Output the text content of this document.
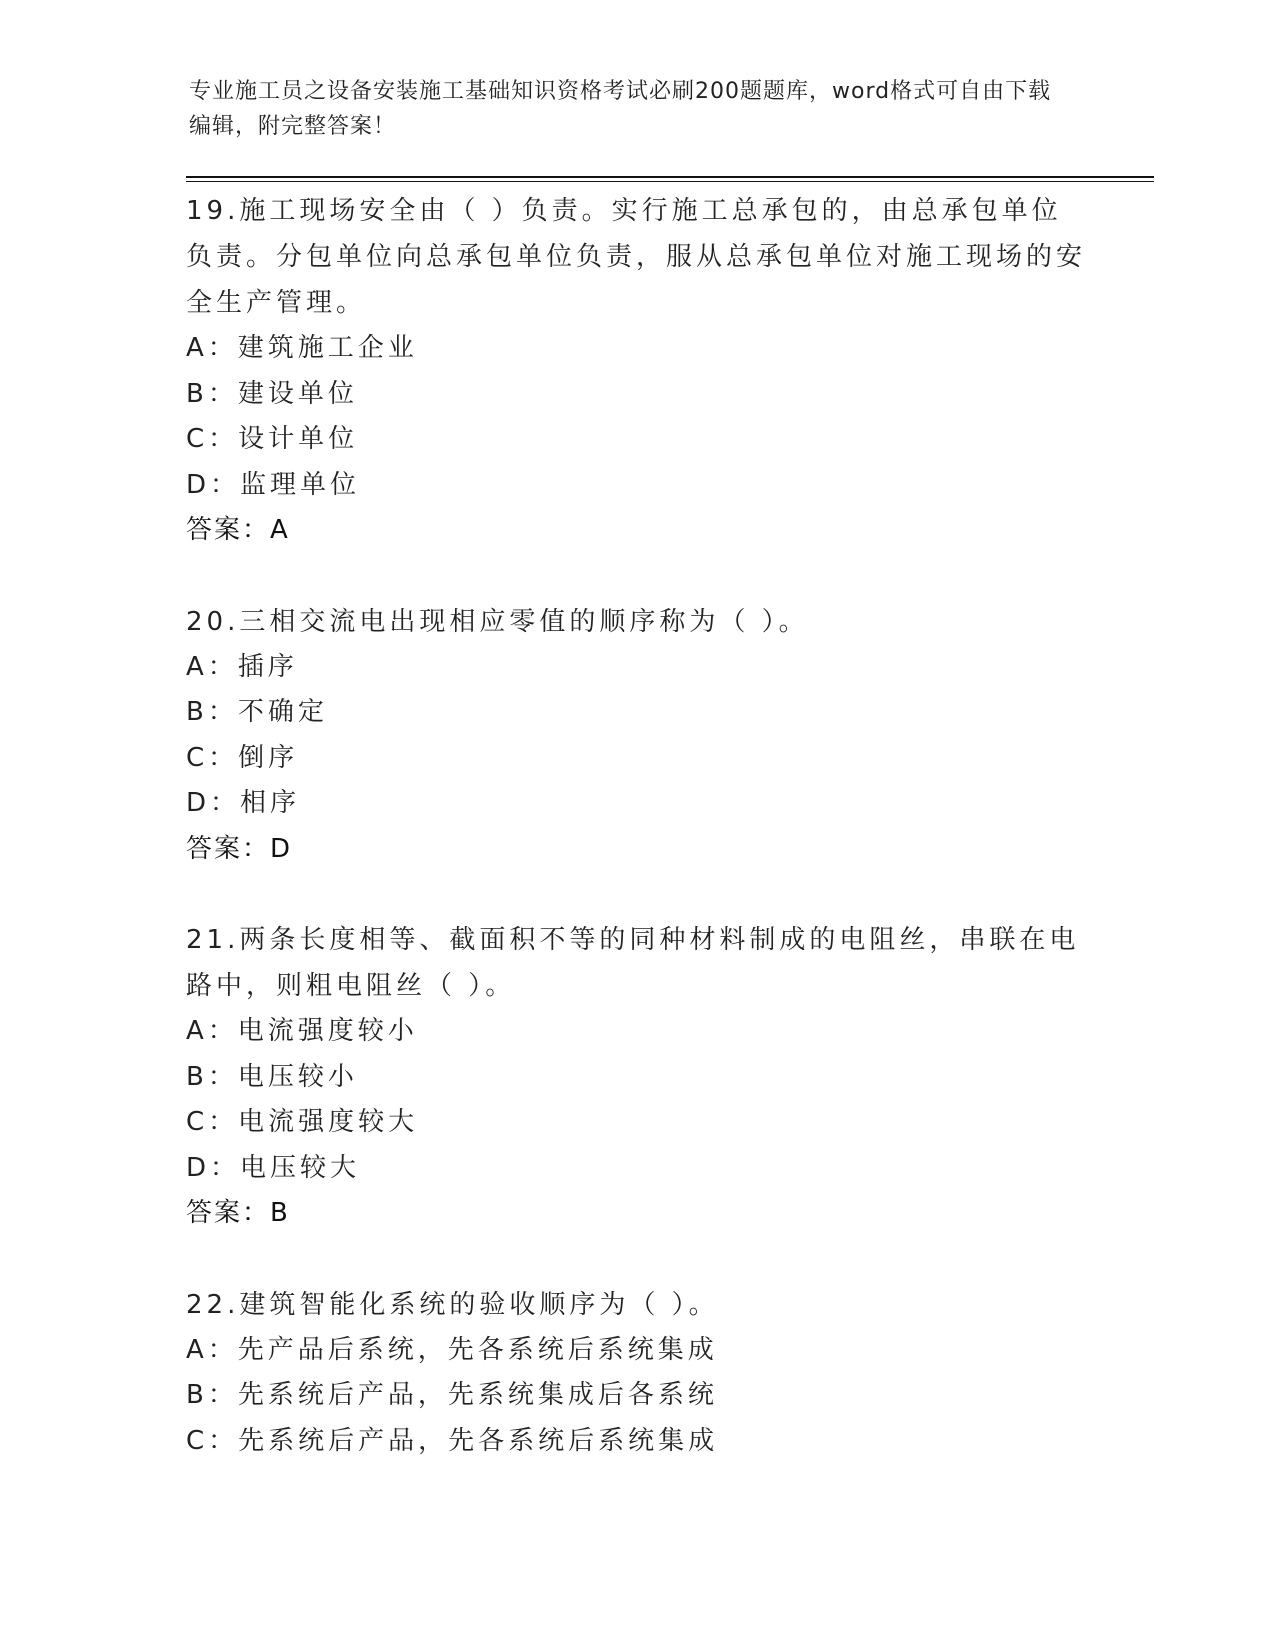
专业施工员之设备安装施工基础知识资格考试必刷200题题库，word格式可自由下载编辑，附完整答案！
19.施工现场安全由（ ）负责。实行施工总承包的，由总承包单位负责。分包单位向总承包单位负责，服从总承包单位对施工现场的安全生产管理。
A：建筑施工企业
B：建设单位
C：设计单位
D：监理单位
答案：A
20.三相交流电出现相应零值的顺序称为（ ）。
A：插序
B：不确定
C：倒序
D：相序
答案：D
21.两条长度相等、截面积不等的同种材料制成的电阻丝，串联在电路中，则粗电阻丝（ ）。
A：电流强度较小
B：电压较小
C：电流强度较大
D：电压较大
答案：B
22.建筑智能化系统的验收顺序为（ ）。
A：先产品后系统，先各系统后系统集成
B：先系统后产品，先系统集成后各系统
C：先系统后产品，先各系统后系统集成
